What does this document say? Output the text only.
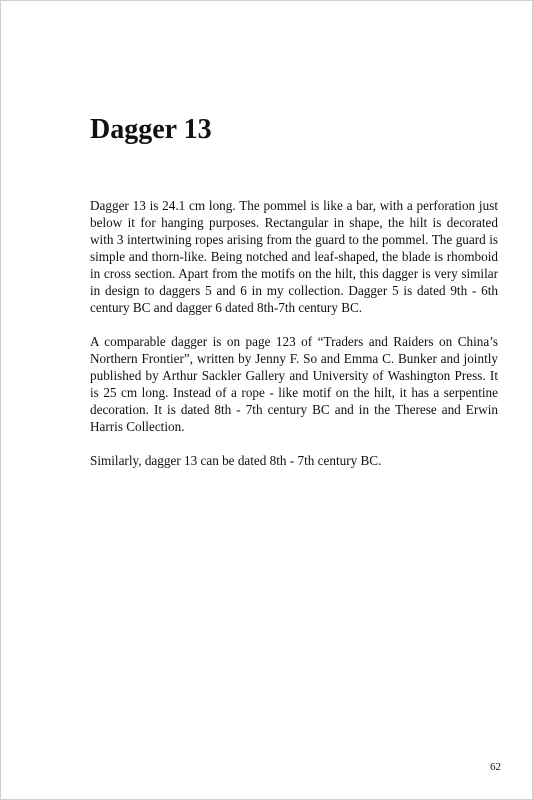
Dagger 13

Dagger 13 is 24.1 cm long. The pommel is like a bar, with a perforation just below it for hanging purposes. Rectangular in shape, the hilt is decorated with 3 intertwining ropes arising from the guard to the pommel. The guard is simple and thorn-like. Being notched and leaf-shaped, the blade is rhomboid in cross section. Apart from the motifs on the hilt, this dagger is very similar in design to daggers 5 and 6 in my collection. Dagger 5 is dated 9th - 6th century BC and dagger 6 dated 8th-7th century BC.

A comparable dagger is on page 123 of “Traders and Raiders on China’s Northern Frontier”, written by Jenny F. So and Emma C. Bunker and jointly published by Arthur Sackler Gallery and University of Washington Press. It is 25 cm long. Instead of a rope - like motif on the hilt, it has a serpentine decoration. It is dated 8th - 7th century BC and in the Therese and Erwin Harris Collection.

Similarly, dagger 13 can be dated 8th - 7th century BC.

62
